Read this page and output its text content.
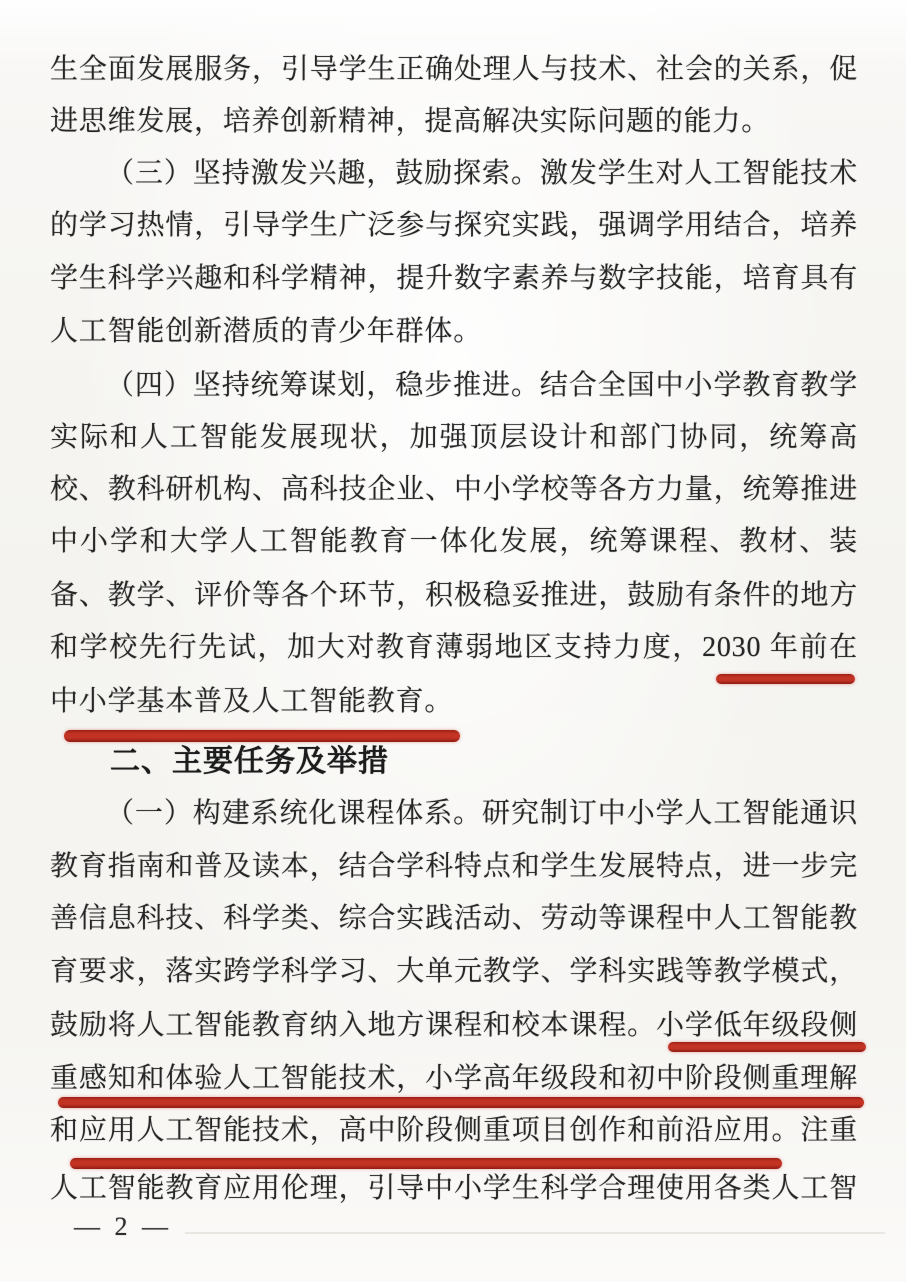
生全面发展服务，引导学生正确处理人与技术、社会的关系，促
进思维发展，培养创新精神，提高解决实际问题的能力。
（三）坚持激发兴趣，鼓励探索。激发学生对人工智能技术
的学习热情，引导学生广泛参与探究实践，强调学用结合，培养
学生科学兴趣和科学精神，提升数字素养与数字技能，培育具有
人工智能创新潜质的青少年群体。
（四）坚持统筹谋划，稳步推进。结合全国中小学教育教学
实际和人工智能发展现状，加强顶层设计和部门协同，统筹高
校、教科研机构、高科技企业、中小学校等各方力量，统筹推进
中小学和大学人工智能教育一体化发展，统筹课程、教材、装
备、教学、评价等各个环节，积极稳妥推进，鼓励有条件的地方
和学校先行先试，加大对教育薄弱地区支持力度，2030 年前在
中小学基本普及人工智能教育。
二、主要任务及举措
（一）构建系统化课程体系。研究制订中小学人工智能通识
教育指南和普及读本，结合学科特点和学生发展特点，进一步完
善信息科技、科学类、综合实践活动、劳动等课程中人工智能教
育要求，落实跨学科学习、大单元教学、学科实践等教学模式，
鼓励将人工智能教育纳入地方课程和校本课程。小学低年级段侧
重感知和体验人工智能技术，小学高年级段和初中阶段侧重理解
和应用人工智能技术，高中阶段侧重项目创作和前沿应用。注重
人工智能教育应用伦理，引导中小学生科学合理使用各类人工智
— 2 —
